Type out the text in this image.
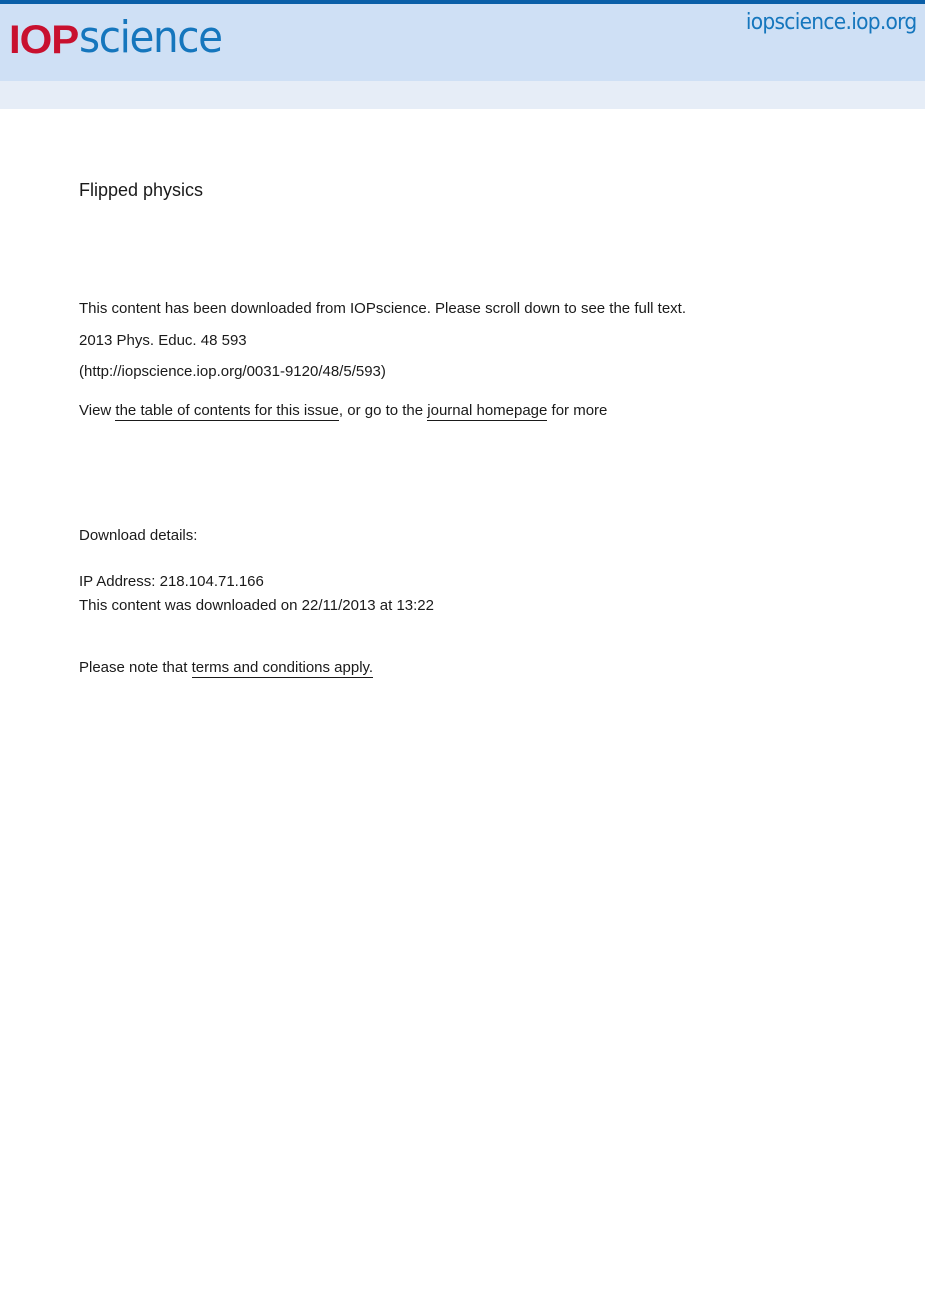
IOP science	iopscience.iop.org
Flipped physics
This content has been downloaded from IOPscience. Please scroll down to see the full text.
2013 Phys. Educ. 48 593
(http://iopscience.iop.org/0031-9120/48/5/593)
View the table of contents for this issue, or go to the journal homepage for more
Download details:
IP Address: 218.104.71.166
This content was downloaded on 22/11/2013 at 13:22
Please note that terms and conditions apply.
